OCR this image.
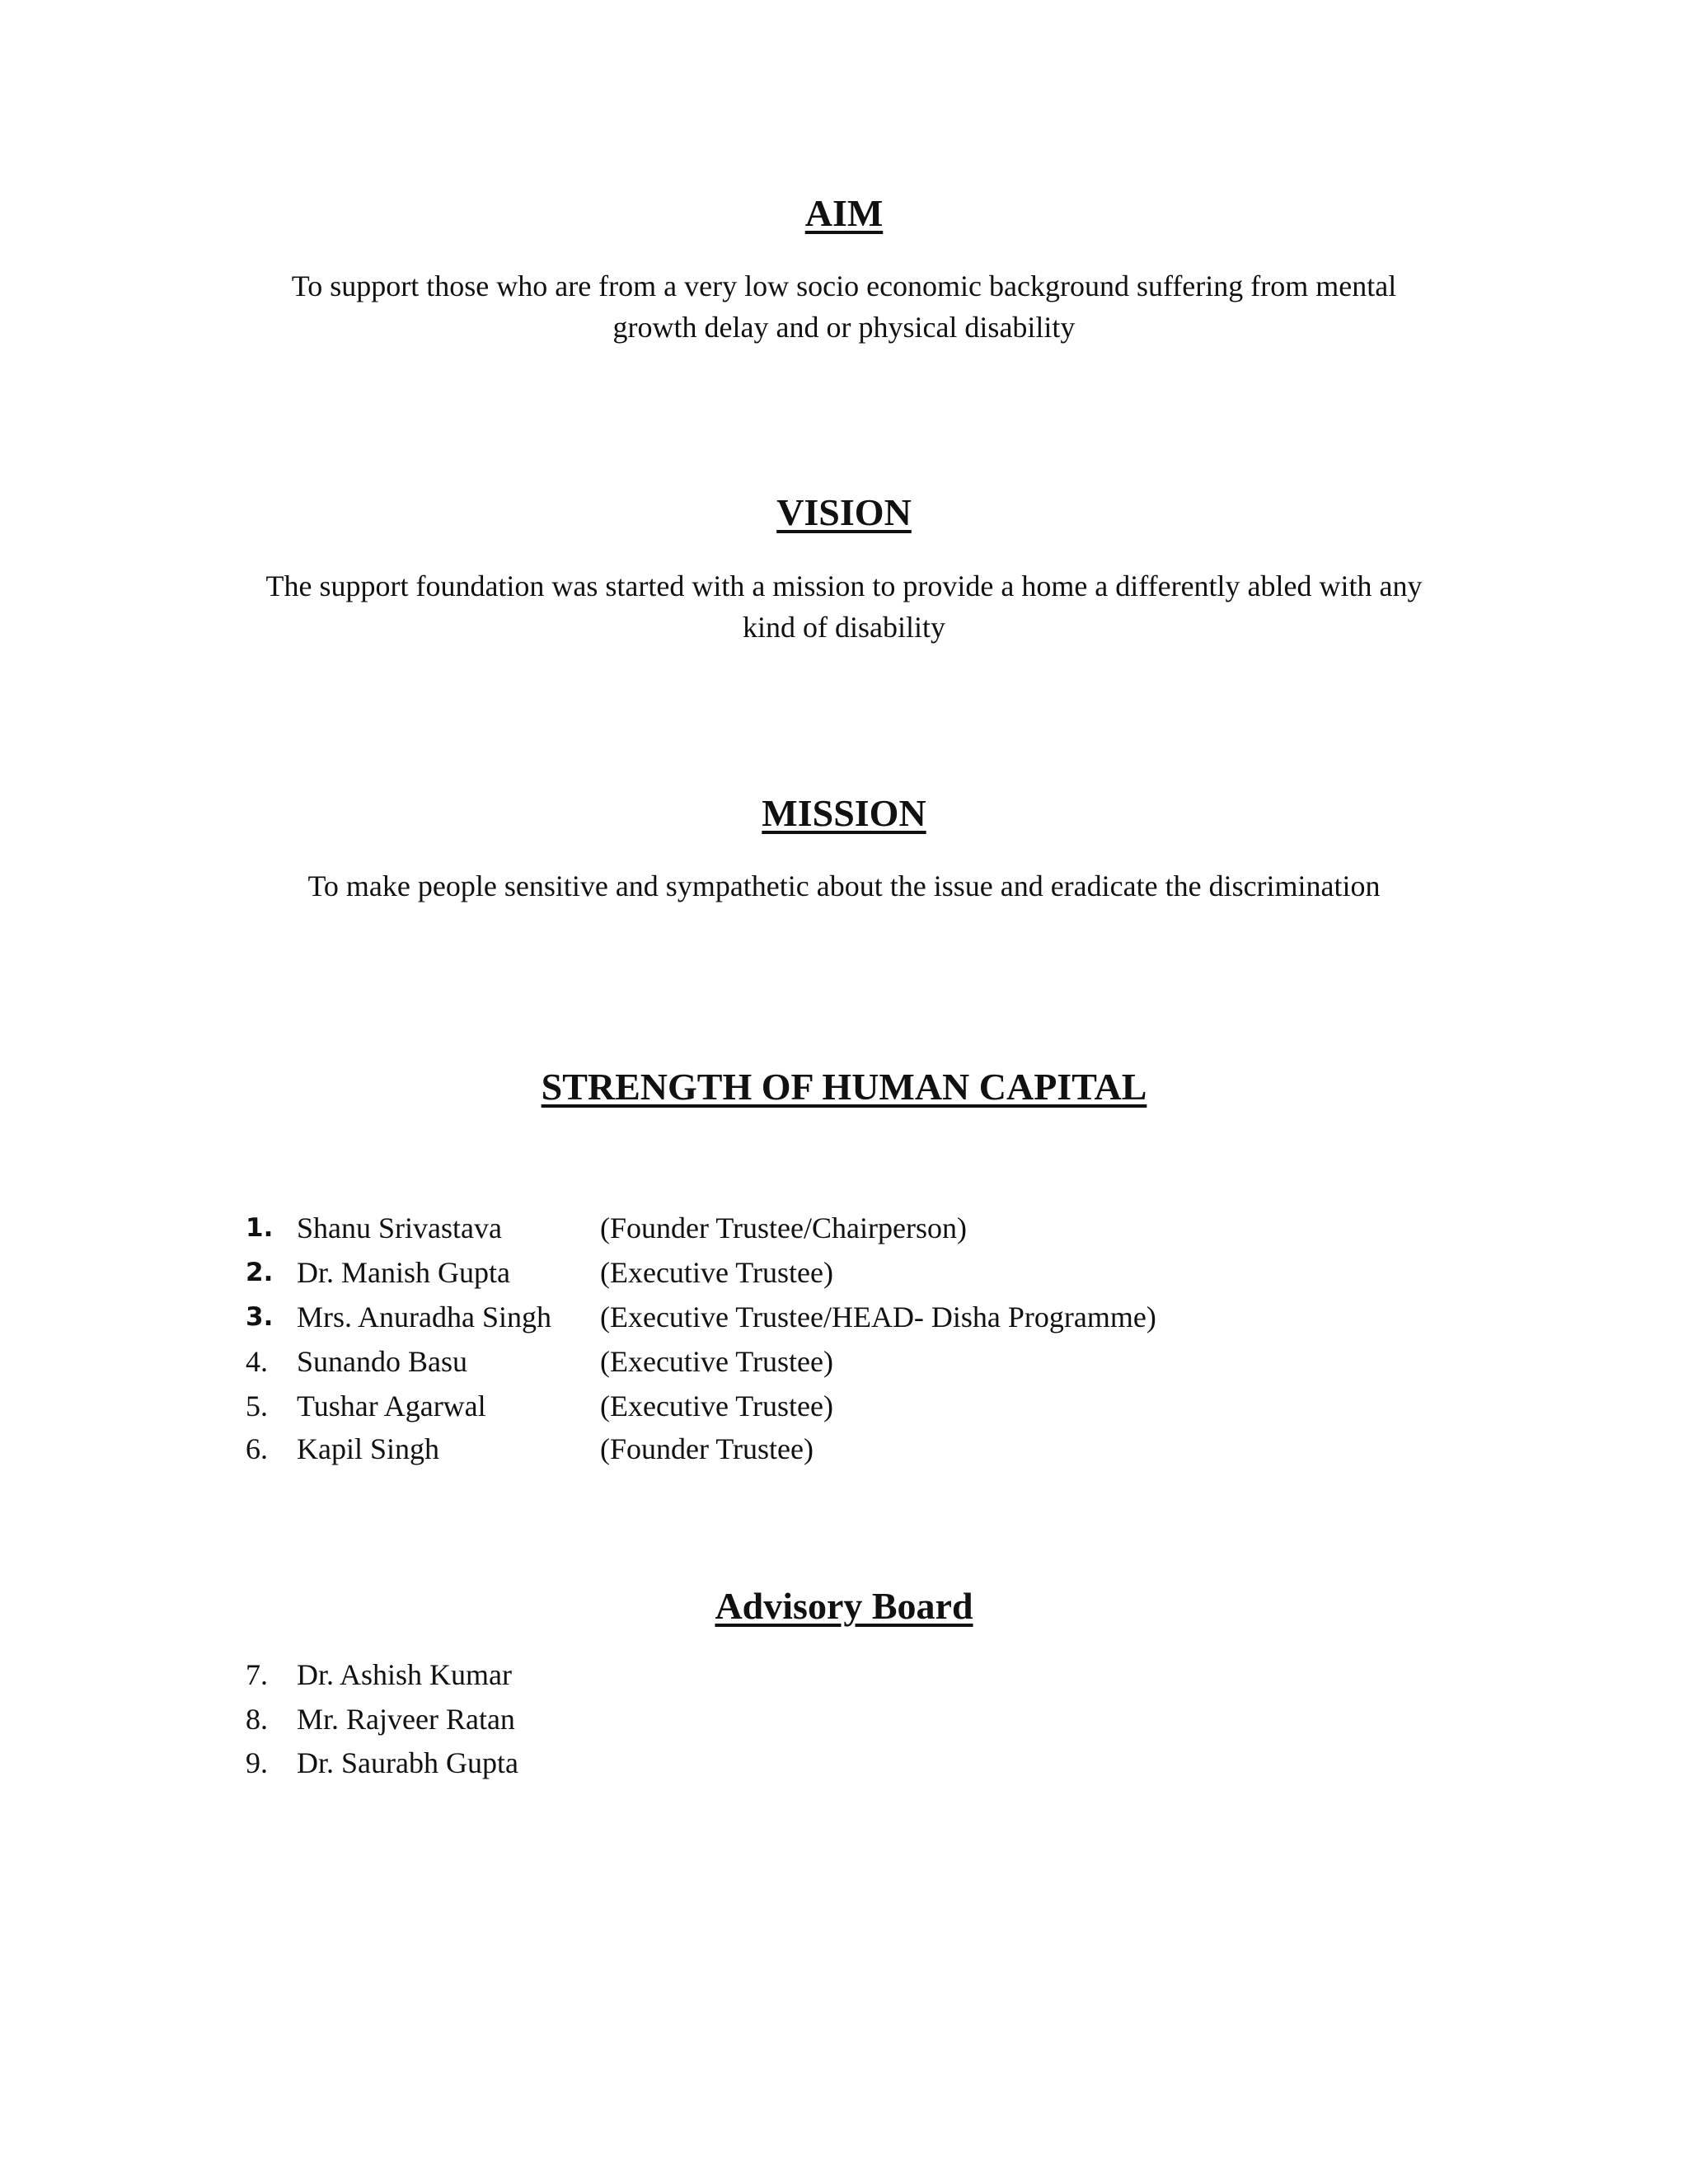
AIM

To support those who are from a very low socio economic background suffering from mental
growth delay and or physical disability

VISION

The support foundation was started with a mission to provide a home a differently abled with any
kind of disability

MISSION

To make people sensitive and sympathetic about the issue and eradicate the discrimination

STRENGTH OF HUMAN CAPITAL
1. Shanu Srivastava	(Founder Trustee/Chairperson)
2. Dr. Manish Gupta	(Executive Trustee)
3. Mrs. Anuradha Singh (Executive Trustee/HEAD- Disha Programme)
4. Sunando Basu	(Executive Trustee)
5. Tushar Agarwal	(Executive Trustee)
6. Kapil Singh	(Founder Trustee)
Advisory Board
7. Dr. Ashish Kumar
8. Mr. Rajveer Ratan
9. Dr. Saurabh Gupta
